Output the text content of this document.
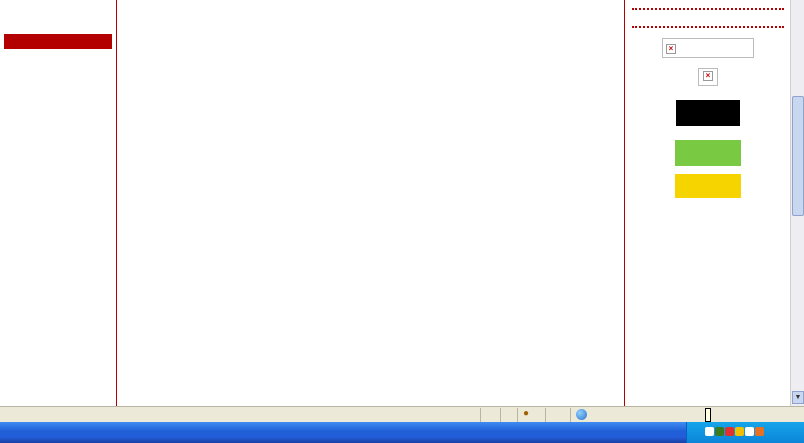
×
×
▼
●
